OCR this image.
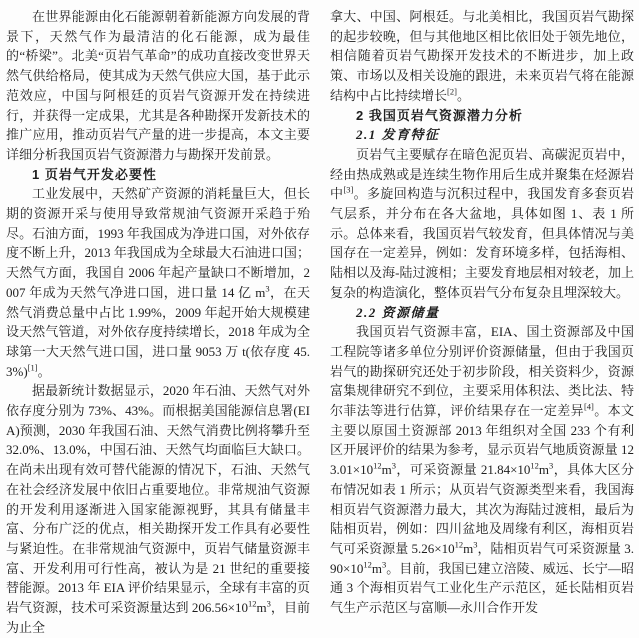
在世界能源由化石能源朝着新能源方向发展的背景下，天然气作为最清洁的化石能源，成为最佳的“桥梁”。北美“页岩气革命”的成功直接改变世界天然气供给格局，使其成为天然气供应大国，基于此示范效应，中国与阿根廷的页岩气资源开发在持续进行，并获得一定成果，尤其是各种勘探开发新技术的推广应用，推动页岩气产量的进一步提高，本文主要详细分析我国页岩气资源潜力与勘探开发前景。

1 页岩气开发必要性

工业发展中，天然矿产资源的消耗量巨大，但长期的资源开采与使用导致常规油气资源开采趋于殆尽。石油方面，1993 年我国成为净进口国，对外依存度不断上升，2013 年我国成为全球最大石油进口国；天然气方面，我国自 2006 年起产量缺口不断增加，2007 年成为天然气净进口国，进口量 14 亿 $m^3$，在天然气消费总量中占比 1.99%，2009 年起开始大规模建设天然气管道，对外依存度持续增长，2018 年成为全球第一大天然气进口国，进口量 9053 万 t(依存度 45.3%)[1]。

据最新统计数据显示，2020 年石油、天然气对外依存度分别为 73%、43%。而根据美国能源信息署(EIA)预测，2030 年我国石油、天然气消费比例将攀升至 32.0%、13.0%，中国石油、天然气均面临巨大缺口。在尚未出现有效可替代能源的情况下，石油、天然气在社会经济发展中依旧占重要地位。非常规油气资源的开发利用逐渐进入国家能源视野，其具有储量丰富、分布广泛的优点，相关勘探开发工作具有必要性与紧迫性。在非常规油气资源中，页岩气储量资源丰富、开发利用可行性高，被认为是 21 世纪的重要接替能源。2013 年 EIA 评价结果显示，全球有丰富的页岩气资源，技术可采资源量达到 $206.56\times 10^{12}m^3$，目前为止全

拿大、中国、阿根廷。与北美相比，我国页岩气勘探的起步较晚，但与其他地区相比依旧处于领先地位，相信随着页岩气勘探开发技术的不断进步，加上政策、市场以及相关设施的跟进，未来页岩气将在能源结构中占比持续增长[2]。

2 我国页岩气资源潜力分析
2.1 发育特征

页岩气主要赋存在暗色泥页岩、高碳泥页岩中，经由热成熟或是连续生物作用后生成并聚集在烃源岩中[3]。多旋回构造与沉积过程中，我国发育多套页岩气层系，并分布在各大盆地，具体如图 1、表 1 所示。总体来看，我国页岩气较发育，但具体情况与美国存在一定差异，例如：发育环境多样，包括海相、陆相以及海-陆过渡相；主要发育地层相对较老，加上复杂的构造演化，整体页岩气分布复杂且埋深较大。

2.2 资源储量

我国页岩气资源丰富，EIA、国土资源部及中国工程院等诸多单位分别评价资源储量，但由于我国页岩气的勘探研究还处于初步阶段，相关资料少，资源富集规律研究不到位，主要采用体积法、类比法、特尔菲法等进行估算，评价结果存在一定差异[4]。本文主要以原国土资源部 2013 年组织对全国 233 个有利区开展评价的结果为参考，显示页岩气地质资源量 $123.01\times 10^{12}m^3$，可采资源量 $21.84\times 10^{12}m^3$，具体大区分布情况如表 1 所示；从页岩气资源类型来看，我国海相页岩气资源潜力最大，其次为海陆过渡相，最后为陆相页岩，例如：四川盆地及周缘有利区，海相页岩气可采资源量 $5.26\times 10^{12}m^3$，陆相页岩气可采资源量 $3.90\times 10^{12}m^3$。目前，我国已建立涪陵、威远、长宁—昭通 3 个海相页岩气工业化生产示范区，延长陆相页岩气生产示范区与富顺—永川合作开发
